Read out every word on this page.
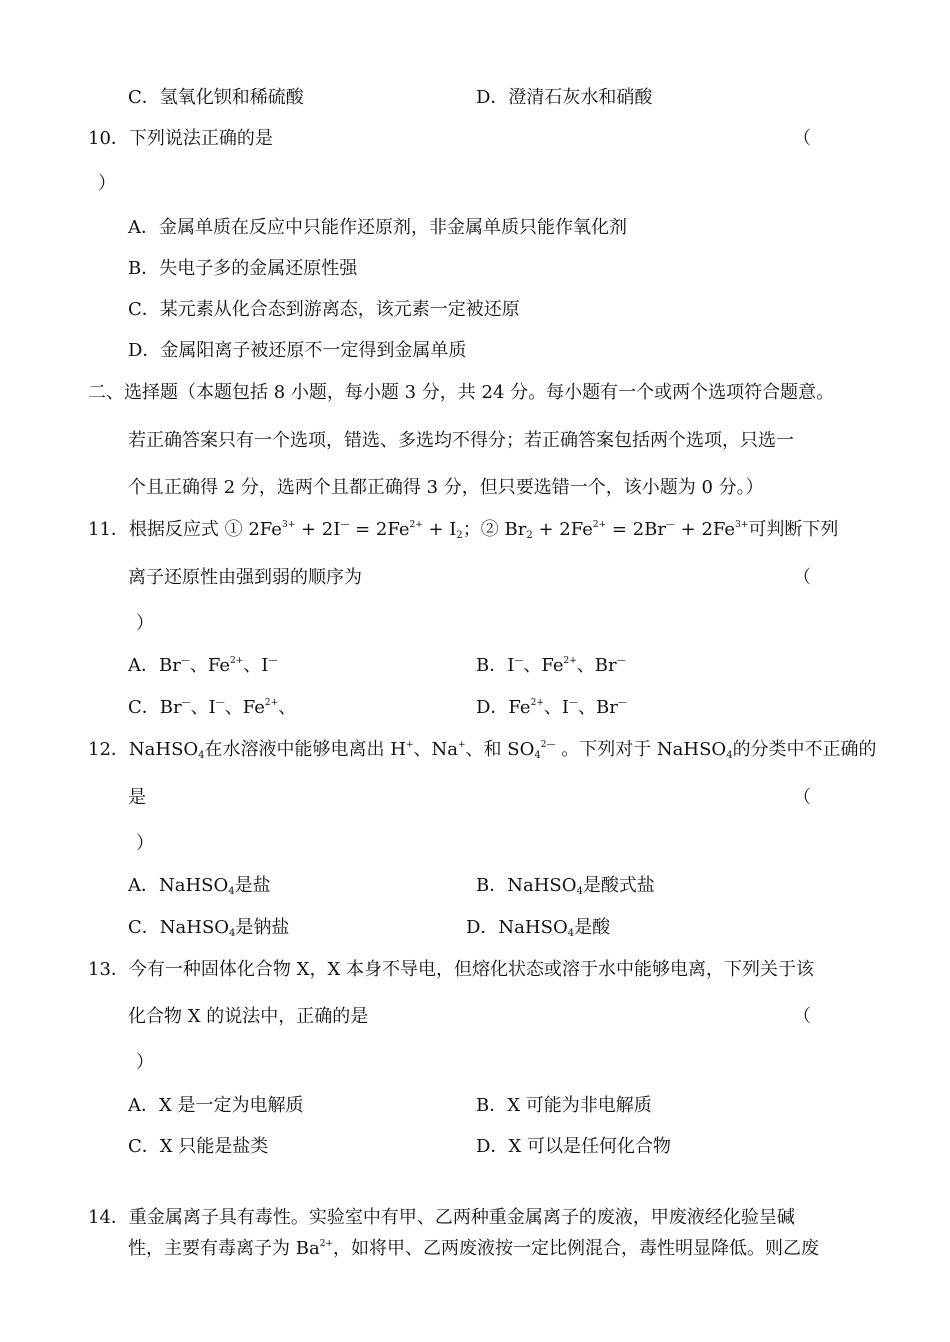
C．氢氧化钡和稀硫酸	D．澄清石灰水和硝酸
10．下列说法正确的是	（
）
A．金属单质在反应中只能作还原剂，非金属单质只能作氧化剂
B．失电子多的金属还原性强
C．某元素从化合态到游离态，该元素一定被还原
D．金属阳离子被还原不一定得到金属单质
二、选择题（本题包括 8 小题，每小题 3 分，共 24 分。每小题有一个或两个选项符合题意。
若正确答案只有一个选项，错选、多选均不得分；若正确答案包括两个选项，只选一
个且正确得 2 分，选两个且都正确得 3 分，但只要选错一个，该小题为 0 分。）
11．根据反应式 ① $2Fe^{3+} + 2I^— = 2Fe^{2+} + I_2$；② $Br_2 + 2Fe^{2+} = 2Br^— + 2Fe^{3+}$可判断下列
离子还原性由强到弱的顺序为	（
）
A．Br—、$Fe^{2+}$、I—	B．I—、$Fe^{2+}$、Br—
C．Br—、I—、$Fe^{2+}$、	D．$Fe^{2+}$、I—、Br—
12．NaHSO$_4$在水溶液中能够电离出 H+、Na+、和 $SO_4^{2—}$ 。下列对于 NaHSO$_4$的分类中不正确的
是	（
）
A．NaHSO$_4$是盐	B．NaHSO$_4$是酸式盐
C．NaHSO$_4$是钠盐	D．NaHSO$_4$是酸
13．今有一种固体化合物 X，X 本身不导电，但熔化状态或溶于水中能够电离，下列关于该
化合物 X 的说法中，正确的是	（
）
A．X 是一定为电解质	B．X 可能为非电解质
C．X 只能是盐类	D．X 可以是任何化合物
14．重金属离子具有毒性。实验室中有甲、乙两种重金属离子的废液，甲废液经化验呈碱
性，主要有毒离子为 $Ba^{2+}$，如将甲、乙两废液按一定比例混合，毒性明显降低。则乙废
